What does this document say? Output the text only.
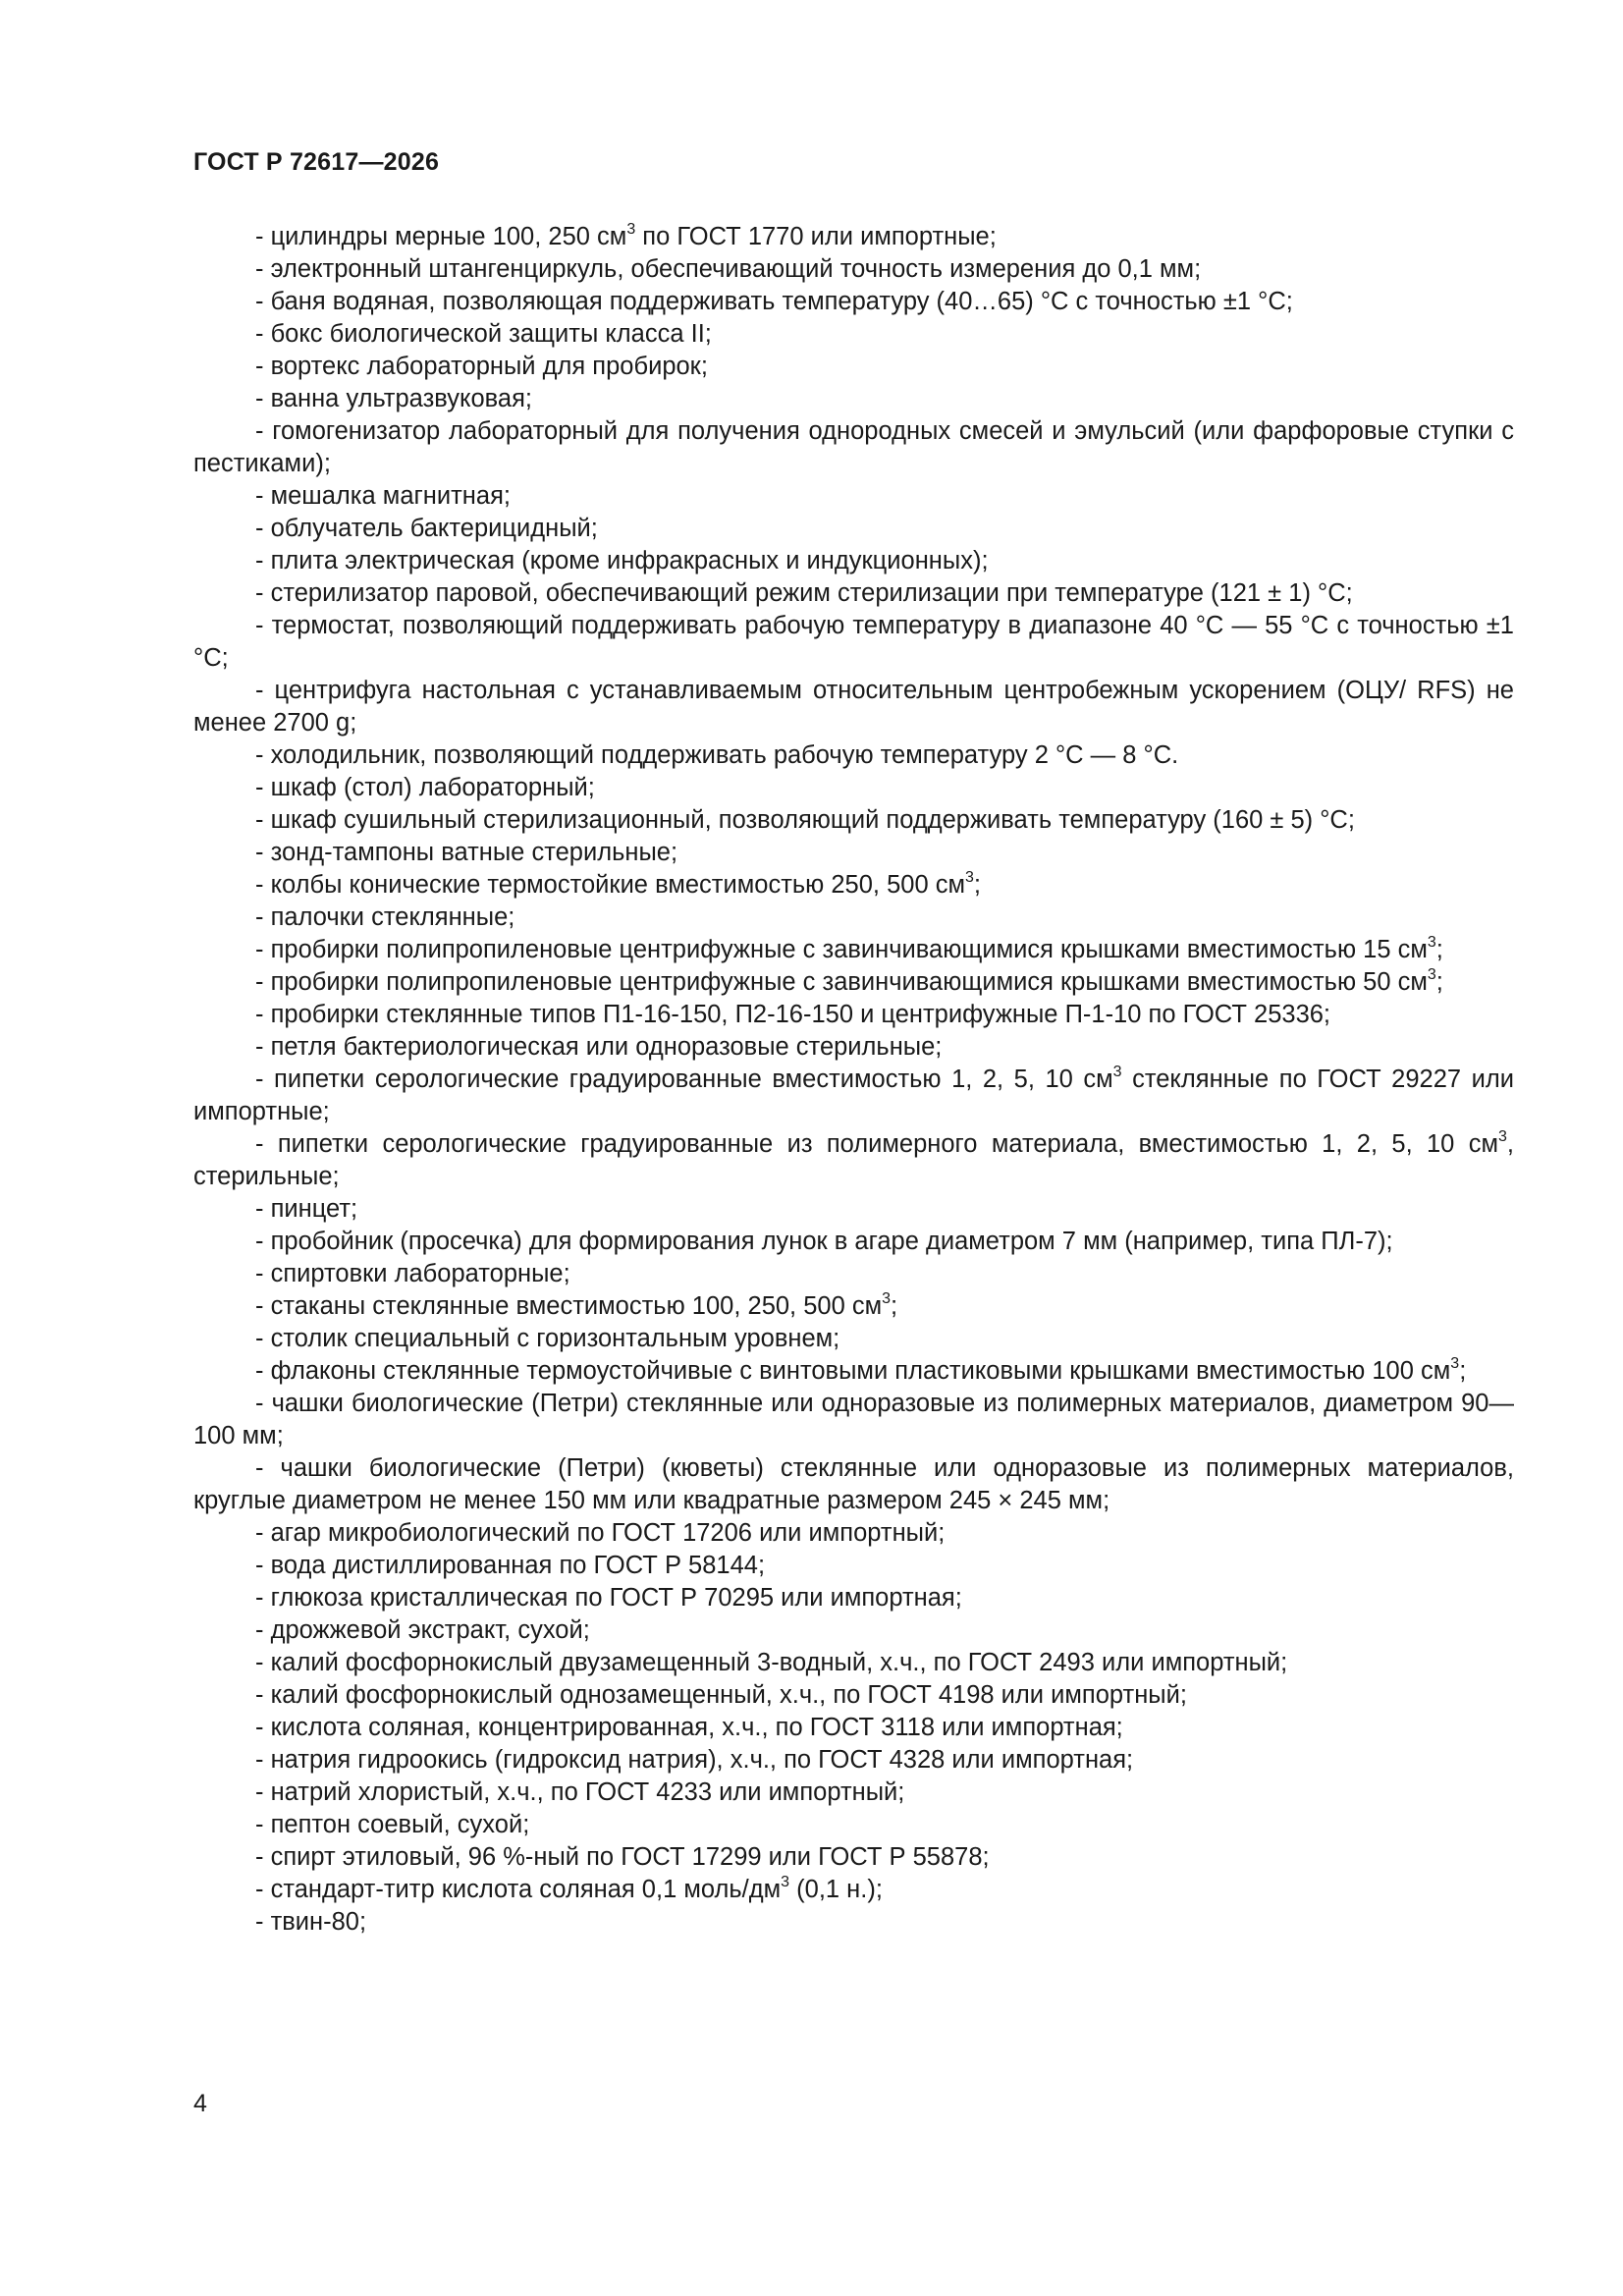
ГОСТ Р 72617—2026

- цилиндры мерные 100, 250 $см^3$ по ГОСТ 1770 или импортные;

- электронный штангенциркуль, обеспечивающий точность измерения до 0,1 мм;

- баня водяная, позволяющая поддерживать температуру (40…65) °С с точностью ±1 °С;

- бокс биологической защиты класса II;

- вортекс лабораторный для пробирок;

- ванна ультразвуковая;

- гомогенизатор лабораторный для получения однородных смесей и эмульсий (или фарфоровые ступки с пестиками);

- мешалка магнитная;

- облучатель бактерицидный;

- плита электрическая (кроме инфракрасных и индукционных);

- стерилизатор паровой, обеспечивающий режим стерилизации при температуре (121 ± 1) °С;

- термостат, позволяющий поддерживать рабочую температуру в диапазоне 40 °С — 55 °С с точностью ±1 °С;

- центрифуга настольная с устанавливаемым относительным центробежным ускорением (ОЦУ/ RFS) не менее 2700 g;

- холодильник, позволяющий поддерживать рабочую температуру 2 °С — 8 °С.

- шкаф (стол) лабораторный;

- шкаф сушильный стерилизационный, позволяющий поддерживать температуру (160 ± 5) °С;

- зонд-тампоны ватные стерильные;

- колбы конические термостойкие вместимостью 250, 500 $см^3$;

- палочки стеклянные;

- пробирки полипропиленовые центрифужные с завинчивающимися крышками вместимостью 15 $см^3$;

- пробирки полипропиленовые центрифужные с завинчивающимися крышками вместимостью 50 $см^3$;

- пробирки стеклянные типов П1-16-150, П2-16-150 и центрифужные П-1-10 по ГОСТ 25336;

- петля бактериологическая или одноразовые стерильные;

- пипетки серологические градуированные вместимостью 1, 2, 5, 10 $см^3$ стеклянные по ГОСТ 29227 или импортные;

- пипетки серологические градуированные из полимерного материала, вместимостью 1, 2, 5, 10 $см^3$, стерильные;

- пинцет;

- пробойник (просечка) для формирования лунок в агаре диаметром 7 мм (например, типа ПЛ-7);

- спиртовки лабораторные;

- стаканы стеклянные вместимостью 100, 250, 500 $см^3$;

- столик специальный с горизонтальным уровнем;

- флаконы стеклянные термоустойчивые с винтовыми пластиковыми крышками вместимостью 100 $см^3$;

- чашки биологические (Петри) стеклянные или одноразовые из полимерных материалов, диаметром 90—100 мм;

- чашки биологические (Петри) (кюветы) стеклянные или одноразовые из полимерных материалов, круглые диаметром не менее 150 мм или квадратные размером 245 × 245 мм;

- агар микробиологический по ГОСТ 17206 или импортный;

- вода дистиллированная по ГОСТ Р 58144;

- глюкоза кристаллическая по ГОСТ Р 70295 или импортная;

- дрожжевой экстракт, сухой;

- калий фосфорнокислый двузамещенный 3-водный, х.ч., по ГОСТ 2493 или импортный;

- калий фосфорнокислый однозамещенный, х.ч., по ГОСТ 4198 или импортный;

- кислота соляная, концентрированная, х.ч., по ГОСТ 3118 или импортная;

- натрия гидроокись (гидроксид натрия), х.ч., по ГОСТ 4328 или импортная;

- натрий хлористый, х.ч., по ГОСТ 4233 или импортный;

- пептон соевый, сухой;

- спирт этиловый, 96 %-ный по ГОСТ 17299 или ГОСТ Р 55878;

- стандарт-титр кислота соляная 0,1 моль/$дм^3$ (0,1 н.);

- твин-80;

4
